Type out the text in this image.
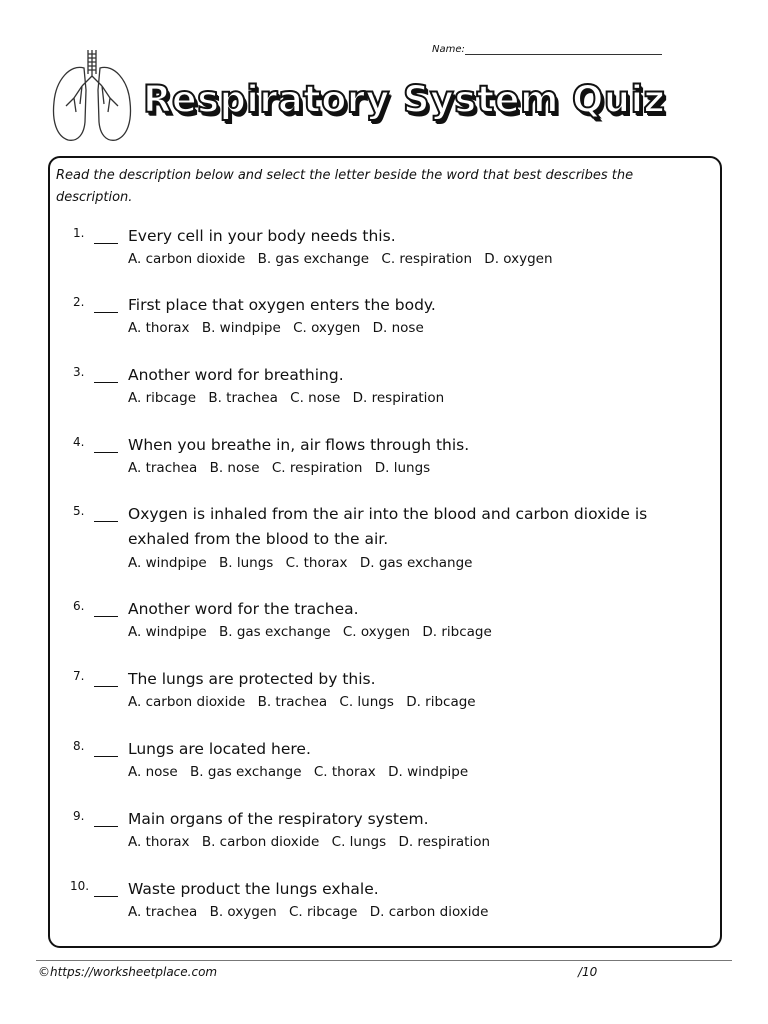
Name:
Respiratory System Quiz
Read the description below and select the letter beside the word that best describes the description.
1.	Every cell in your body needs this.
A. carbon dioxide B. gas exchange C. respiration D. oxygen
2.	First place that oxygen enters the body.
A. thorax B. windpipe C. oxygen D. nose
3.	Another word for breathing.
A. ribcage B. trachea C. nose D. respiration
4.	When you breathe in, air flows through this.
A. trachea B. nose C. respiration D. lungs
5.	Oxygen is inhaled from the air into the blood and carbon dioxide is exhaled from the blood to the air.
A. windpipe B. lungs C. thorax D. gas exchange
6.	Another word for the trachea.
A. windpipe B. gas exchange C. oxygen D. ribcage
7.	The lungs are protected by this.
A. carbon dioxide B. trachea C. lungs D. ribcage
8.	Lungs are located here.
A. nose B. gas exchange C. thorax D. windpipe
9.	Main organs of the respiratory system.
A. thorax B. carbon dioxide C. lungs D. respiration
10.	Waste product the lungs exhale.
A. trachea B. oxygen C. ribcage D. carbon dioxide
©https://worksheetplace.com	/10
